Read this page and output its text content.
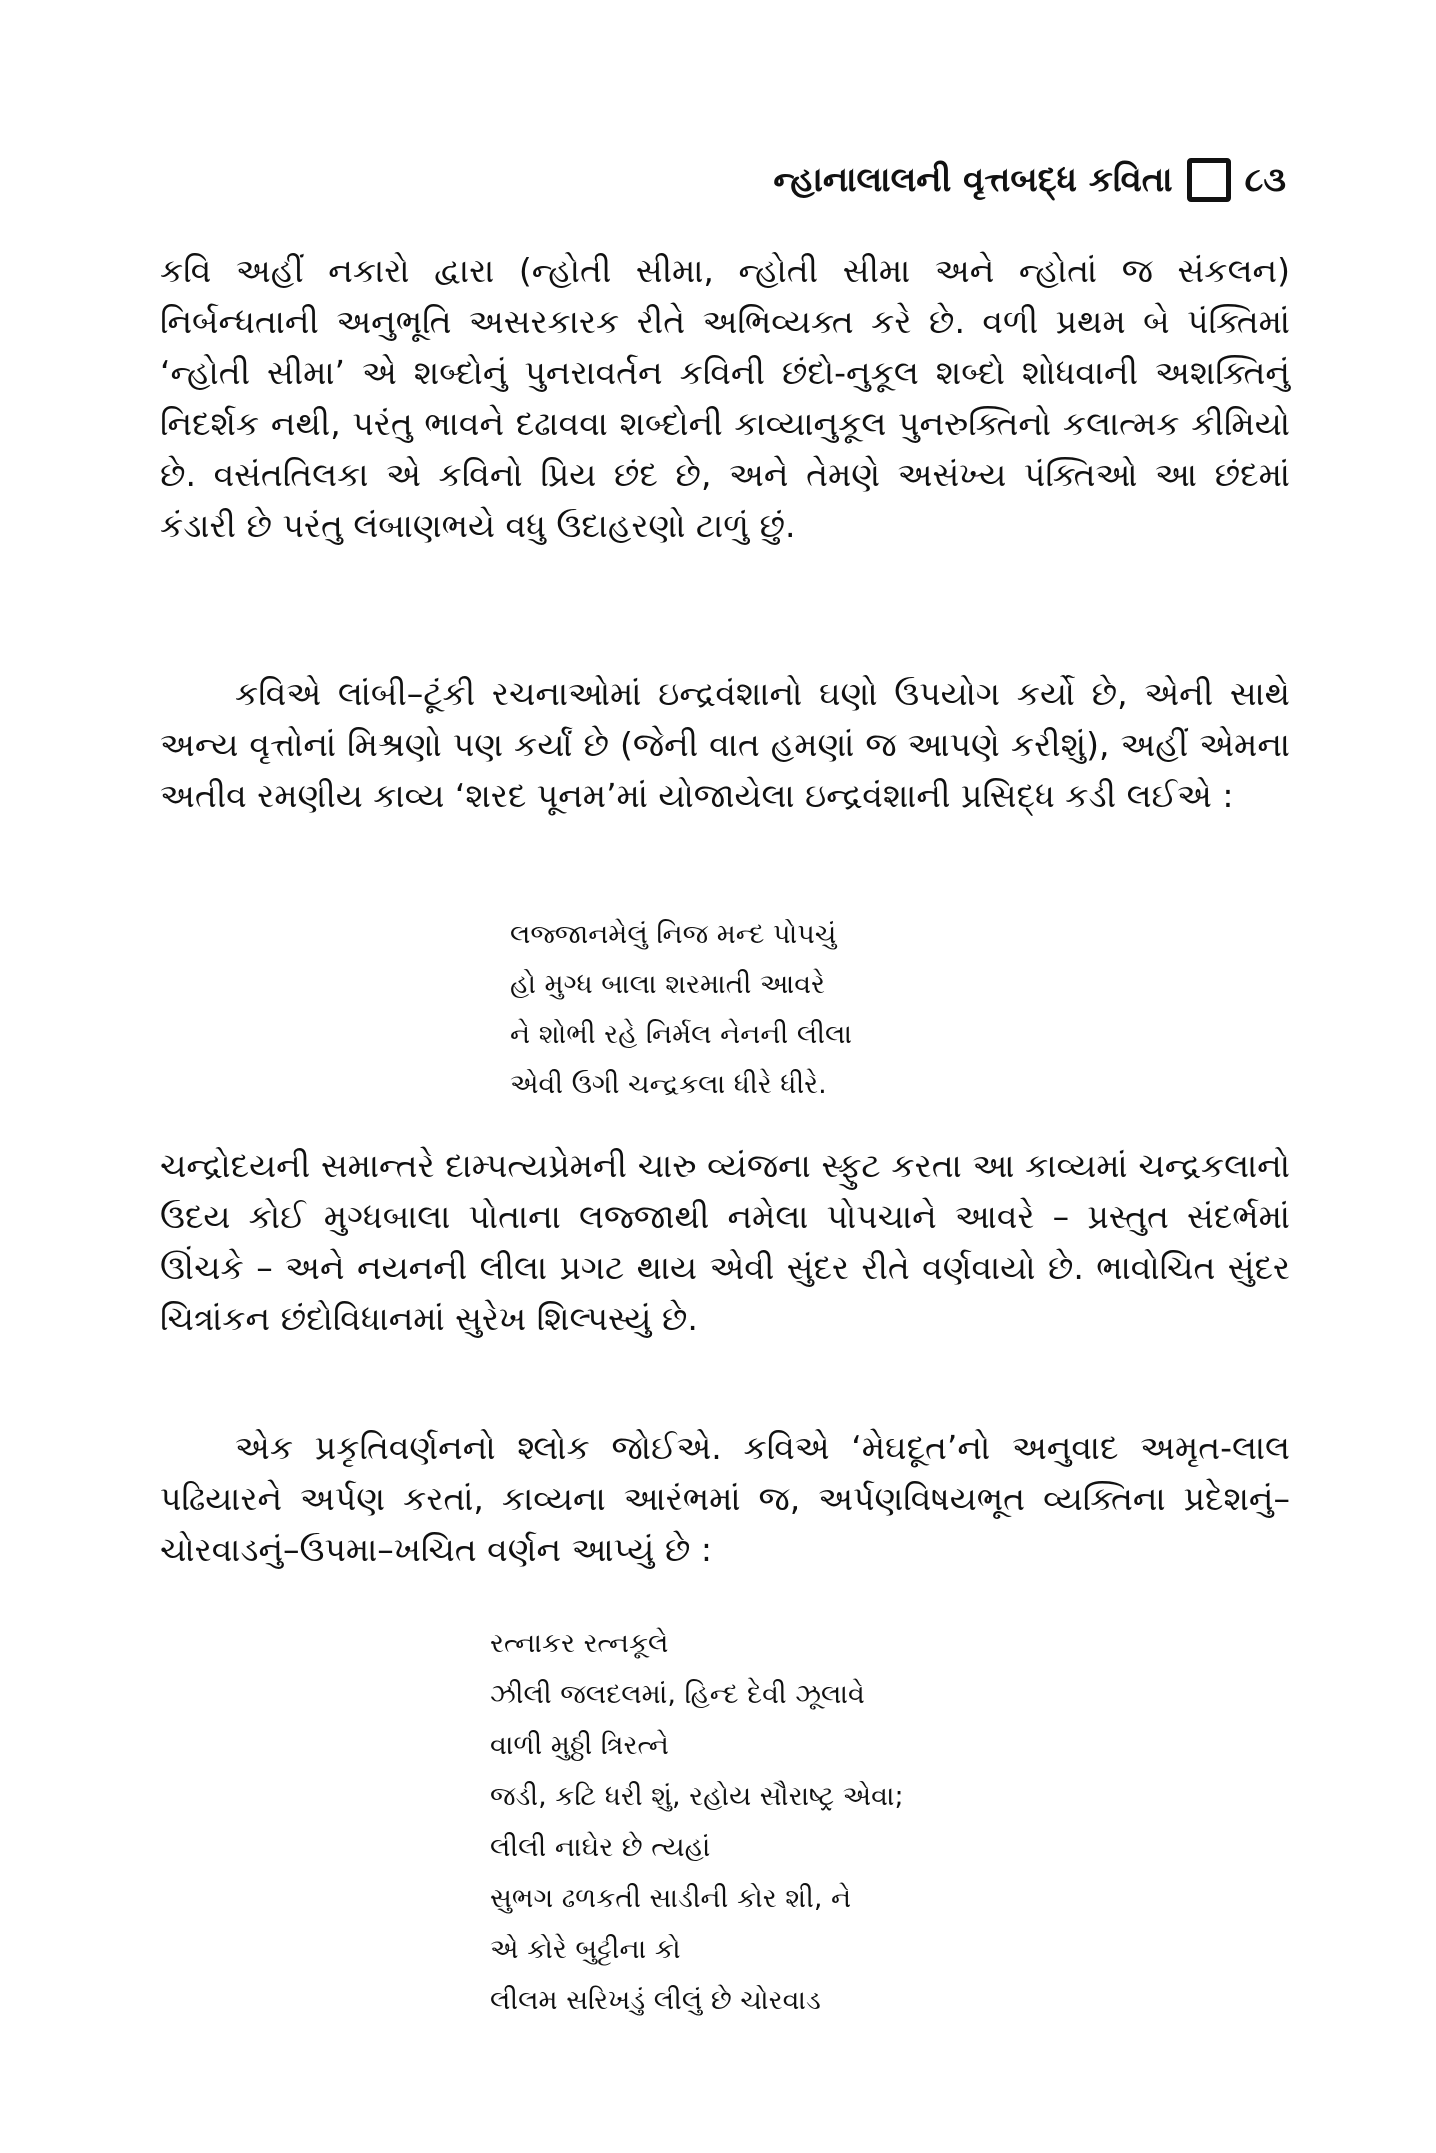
ન્હાનાલાલની વૃત્તબદ્ધ કવિતા ૮૩

કવિ અહીં નકારો દ્વારા (ન્હોતી સીમા, ન્હોતી સીમા અને ન્હોતાં જ સંકલન) નિર્બન્ધતાની અનુભૂતિ અસરકારક રીતે અભિવ્યક્ત કરે છે. વળી પ્રથમ બે પંક્તિમાં ‘ન્હોતી સીમા’ એ શબ્દોનું પુનરાવર્તન કવિની છંદો-નુકૂલ શબ્દો શોધવાની અશક્તિનું નિદર્શક નથી, પરંતુ ભાવને દઢાવવા શબ્દોની કાવ્યાનુકૂલ પુનરુક્તિનો કલાત્મક કીમિયો છે. વસંતતિલકા એ કવિનો પ્રિય છંદ છે, અને તેમણે અસંખ્ય પંક્તિઓ આ છંદમાં કંડારી છે પરંતુ લંબાણભયે વધુ ઉદાહરણો ટાળું છું.

કવિએ લાંબી–ટૂંકી રચનાઓમાં ઇન્દ્રવંશાનો ઘણો ઉપયોગ કર્યો છે, એની સાથે અન્ય વૃત્તોનાં મિશ્રણો પણ કર્યાં છે (જેની વાત હમણાં જ આપણે કરીશું), અહીં એમના અતીવ રમણીય કાવ્ય ‘શરદ પૂનમ’માં યોજાયેલા ઇન્દ્રવંશાની પ્રસિદ્ધ કડી લઈએ :

લજ્જાનમેલું નિજ મન્દ પોપચું
હો મુગ્ધ બાલા શરમાતી આવરે
ને શોભી રહે નિર્મલ નેનની લીલા
એવી ઉગી ચન્દ્રકલા ધીરે ધીરે.

ચન્દ્રોદયની સમાન્તરે દામ્પત્યપ્રેમની ચારુ વ્યંજના સ્ફુટ કરતા આ કાવ્યમાં ચન્દ્રકલાનો ઉદય કોઈ મુગ્ધબાલા પોતાના લજ્જાથી નમેલા પોપચાને આવરે – પ્રસ્તુત સંદર્ભમાં ઊંચકે – અને નયનની લીલા પ્રગટ થાય એવી સુંદર રીતે વર્ણવાયો છે. ભાવોચિત સુંદર ચિત્રાંકન છંદોવિધાનમાં સુરેખ શિલ્પસ્યું છે.

એક પ્રકૃતિવર્ણનનો શ્લોક જોઈએ. કવિએ ‘મેઘદૂત’નો અનુવાદ અમૃત-લાલ પઢિયારને અર્પણ કરતાં, કાવ્યના આરંભમાં જ, અર્પણવિષયભૂત વ્યક્તિના પ્રદેશનું–ચોરવાડનું–ઉપમા–ખચિત વર્ણન આપ્યું છે :

રત્નાકર રત્નકૂલે
ઝીલી જલદલમાં, હિન્દ દેવી ઝૂલાવે
વાળી મુઠ્ઠી ત્રિરત્ને
જડી, કટિ ધરી શું, રહોય સૌરાષ્ટ્ર એવા;
લીલી નાઘેર છે ત્યહાં
સુભગ ઢળકતી સાડીની કોર શી, ને
એ કોરે બુટ્ટીના કો
લીલમ સરિખડું લીલું છે ચોરવાડ
